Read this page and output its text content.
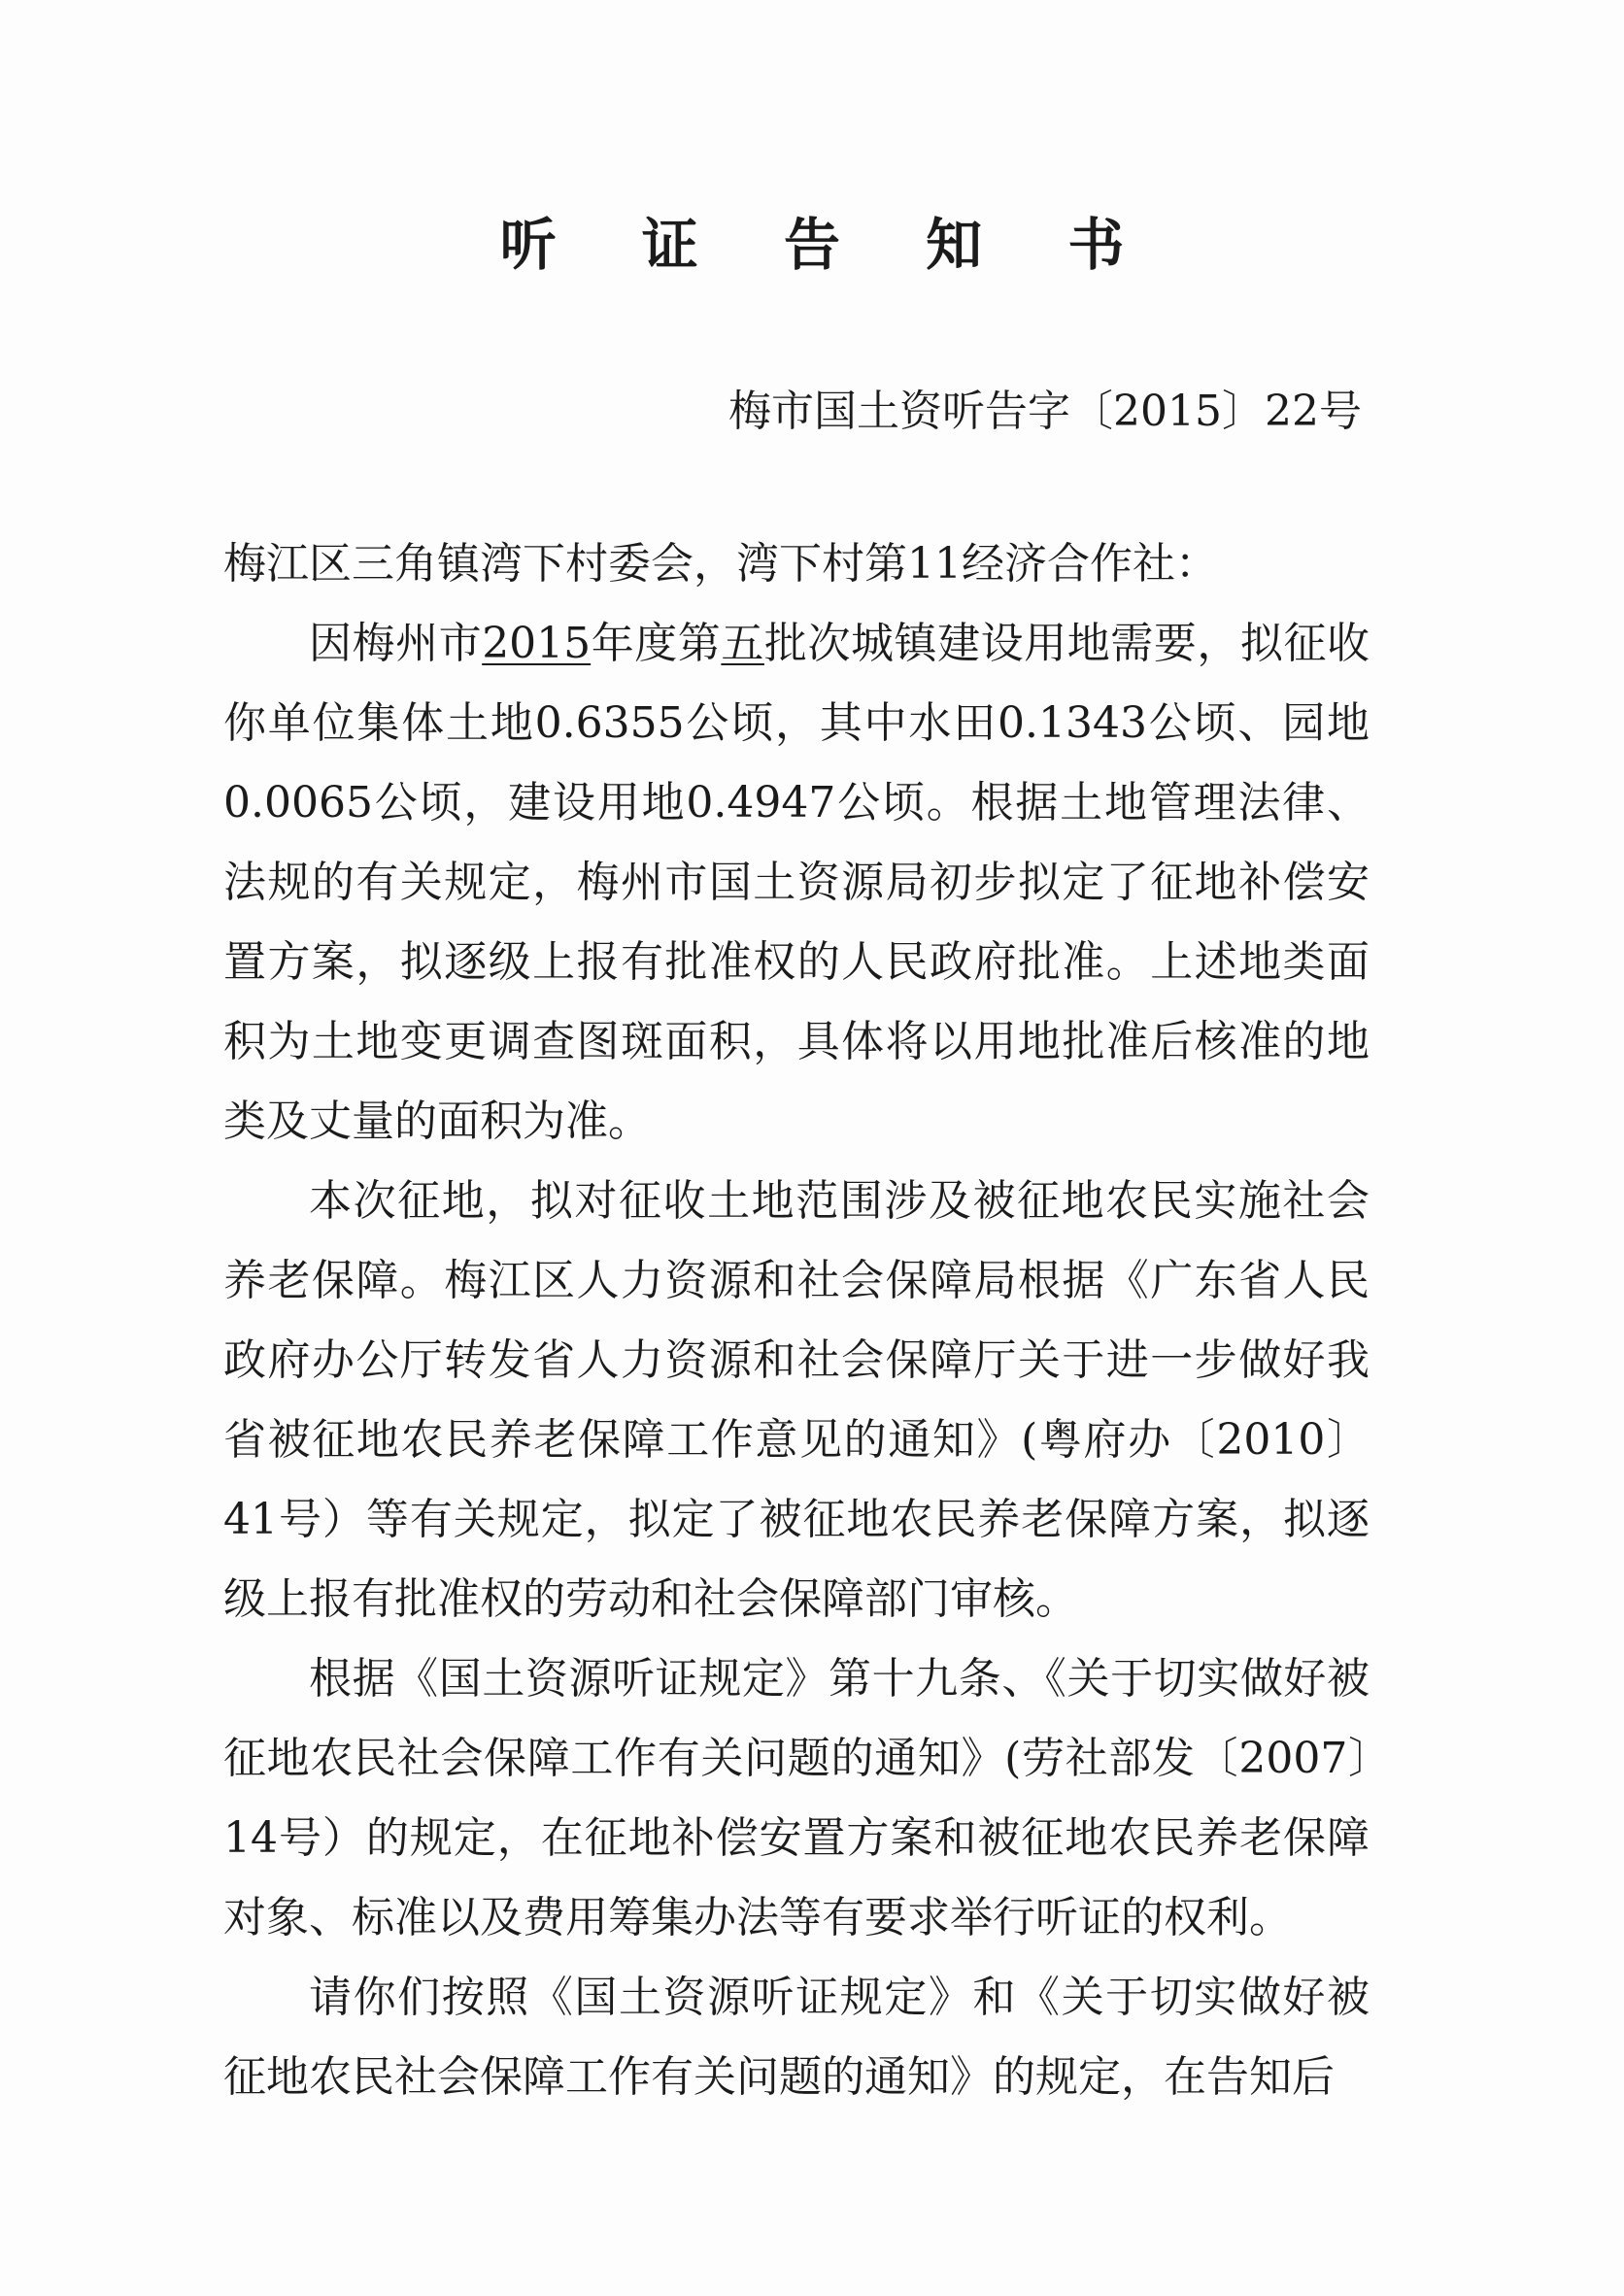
听 证 告 知 书
梅市国土资听告字〔2015〕22号

梅江区三角镇湾下村委会，湾下村第11经济合作社：

因梅州市2015年度第五批次城镇建设用地需要，拟征收你单位集体土地0.6355公顷，其中水田0.1343公顷、园地0.0065公顷，建设用地0.4947公顷。根据土地管理法律、法规的有关规定，梅州市国土资源局初步拟定了征地补偿安置方案，拟逐级上报有批准权的人民政府批准。上述地类面积为土地变更调查图斑面积，具体将以用地批准后核准的地类及丈量的面积为准。

本次征地，拟对征收土地范围涉及被征地农民实施社会养老保障。梅江区人力资源和社会保障局根据《广东省人民政府办公厅转发省人力资源和社会保障厅关于进一步做好我省被征地农民养老保障工作意见的通知》(粤府办〔2010〕41号）等有关规定，拟定了被征地农民养老保障方案，拟逐级上报有批准权的劳动和社会保障部门审核。

根据《国土资源听证规定》第十九条、《关于切实做好被征地农民社会保障工作有关问题的通知》(劳社部发〔2007〕14号）的规定，在征地补偿安置方案和被征地农民养老保障对象、标准以及费用筹集办法等有要求举行听证的权利。

请你们按照《国土资源听证规定》和《关于切实做好被征地农民社会保障工作有关问题的通知》的规定，在告知后
